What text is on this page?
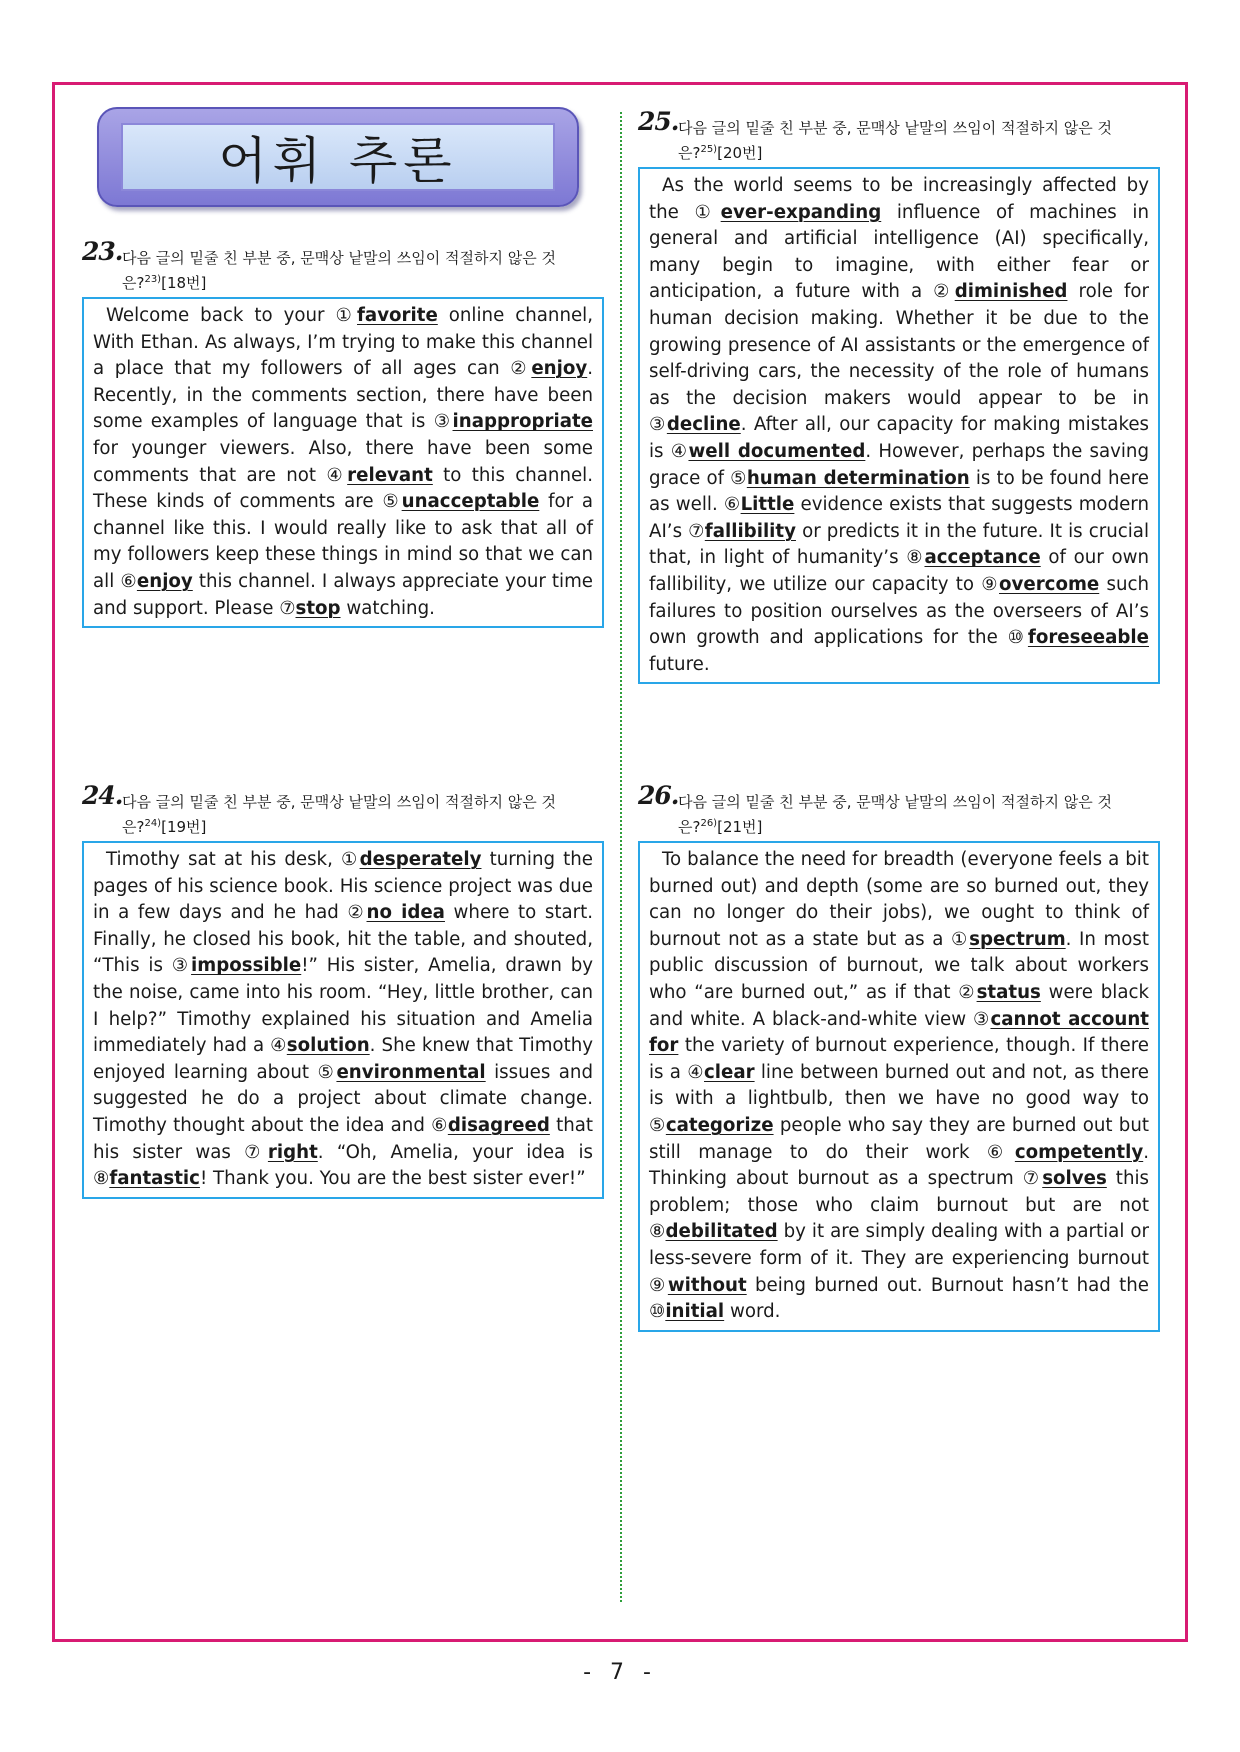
어휘 추론
23. 다음 글의 밑줄 친 부분 중, 문맥상 낱말의 쓰임이 적절하지 않은 것
은?$^{23)}$[18번]

Welcome back to your ①favorite online channel, With Ethan. As always, I’m trying to make this channel a place that my followers of all ages can ②enjoy. Recently, in the comments section, there have been some examples of language that is ③inappropriate for younger viewers. Also, there have been some comments that are not ④relevant to this channel. These kinds of comments are ⑤unacceptable for a channel like this. I would really like to ask that all of my followers keep these things in mind so that we can all ⑥enjoy this channel. I always appreciate your time and support. Please ⑦stop watching.

24. 다음 글의 밑줄 친 부분 중, 문맥상 낱말의 쓰임이 적절하지 않은 것
은?$^{24)}$[19번]

Timothy sat at his desk, ①desperately turning the pages of his science book. His science project was due in a few days and he had ②no idea where to start. Finally, he closed his book, hit the table, and shouted, “This is ③impossible!” His sister, Amelia, drawn by the noise, came into his room. “Hey, little brother, can I help?” Timothy explained his situation and Amelia immediately had a ④solution. She knew that Timothy enjoyed learning about ⑤environmental issues and suggested he do a project about climate change. Timothy thought about the idea and ⑥disagreed that his sister was ⑦right. “Oh, Amelia, your idea is ⑧fantastic! Thank you. You are the best sister ever!”

25. 다음 글의 밑줄 친 부분 중, 문맥상 낱말의 쓰임이 적절하지 않은 것
은?$^{25)}$[20번]

As the world seems to be increasingly affected by the ①ever-expanding influence of machines in general and artificial intelligence (AI) specifically, many begin to imagine, with either fear or anticipation, a future with a ②diminished role for human decision making. Whether it be due to the growing presence of AI assistants or the emergence of self-driving cars, the necessity of the role of humans as the decision makers would appear to be in ③decline. After all, our capacity for making mistakes is ④well documented. However, perhaps the saving grace of ⑤human determination is to be found here as well. ⑥Little evidence exists that suggests modern AI’s ⑦fallibility or predicts it in the future. It is crucial that, in light of humanity’s ⑧acceptance of our own fallibility, we utilize our capacity to ⑨overcome such failures to position ourselves as the overseers of AI’s own growth and applications for the ⑩foreseeable future.

26. 다음 글의 밑줄 친 부분 중, 문맥상 낱말의 쓰임이 적절하지 않은 것
은?$^{26)}$[21번]

To balance the need for breadth (everyone feels a bit burned out) and depth (some are so burned out, they can no longer do their jobs), we ought to think of burnout not as a state but as a ①spectrum. In most public discussion of burnout, we talk about workers who “are burned out,” as if that ②status were black and white. A black-and-white view ③cannot account for the variety of burnout experience, though. If there is a ④clear line between burned out and not, as there is with a lightbulb, then we have no good way to ⑤categorize people who say they are burned out but still manage to do their work ⑥competently. Thinking about burnout as a spectrum ⑦solves this problem; those who claim burnout but are not ⑧debilitated by it are simply dealing with a partial or less-severe form of it. They are experiencing burnout ⑨without being burned out. Burnout hasn’t had the ⑩initial word.

- 7 -
